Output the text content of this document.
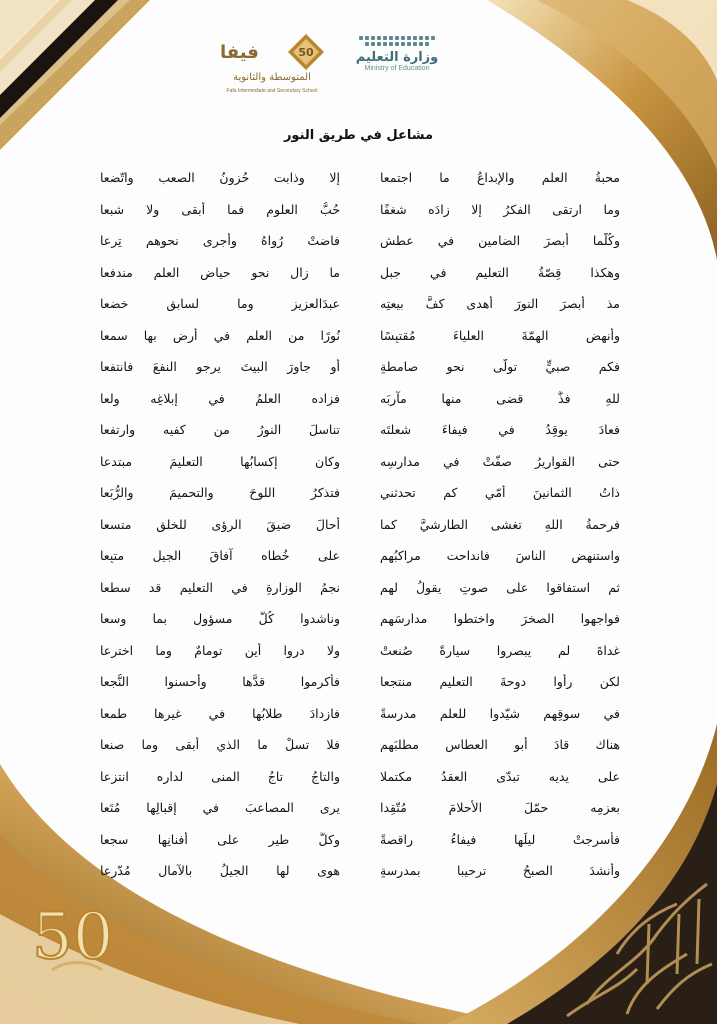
وزارة التعليم
Ministry of Education
50
فيفا
المتوسطة والثانوية
Fafa Intermediate and Secondary School
مشاعل في طريق النور
محبةُ العلمِ والإبداعُ ما اجتمعا
إلا وذابت حُزونُ الصعبِ واتّضعا
وما ارتقى الفكرُ إلا زادَه شغفًا
حُبُّ العلومِ فما أبقى ولا شبعا
وكُلّما أبصرَ الضامين في عطشٍ
فاضتْ رُواهُ وأجرى نحوهم تِرعا
وهكذا قِصّةُ التعليمِ في جبلٍ
ما زال نحو حياضِ العلمِ مندفعا
مذ أبصرَ النورَ أهدى كفَّ بيعتِه
عبدَالعزيزِ وما لسابقٍ خضعا
وأنهض الهمّةَ العلياءَ مُقتبِسًا
نُورًا من العلمِ في أرضٍ بها سمعا
فكم صبيٍّ تولّى نحو صامطةٍ
أو جاورَ البيتَ يرجو النفعَ فانتفعا
للهِ فذٌّ قضى منها مآربَه
فزاده العلمُ في إبلاغِه ولعا
فعادَ يوقِدُ في فيفاءَ شعلتَه
تناسلَ النورُ من كفيه وارتفعا
حتى القواريرُ صفّتْ في مدارسِه
وكان إكسابُها التعليمَ مبتدعا
ذاتُ الثمانينَ أمّي كم تحدثني
فتذكرُ اللوحَ والتحميمَ والرُّبَعا
فرحمةُ اللهِ تغشى الطارشيَّ كما
أحالَ ضيقَ الرؤى للخلقِ متسعا
واستنهض الناسَ فانداحت مراكبُهم
على خُطاه آفاقَ الجيلِ متبِعا
ثم استفاقوا على صوتٍ يقولُ لهم
نجمُ الوزارةِ في التعليمِ قد سطعا
فواجهوا الصخرَ واختطوا مدارسَهم
وناشدوا كُلَّ مسؤولٍ بما وسعا
غداةَ لم يبصروا سيارةً صُنعتْ
ولا دروا أين تومامٌ وما اخترعا
لكن رأوا دوحةَ التعليمِ منتجعا
فأكرموا قدَّها وأحسنوا النُّجعا
في سوقِهم شيّدوا للعلمِ مدرسةً
فازدادَ طلابُها في غيرِها طمعا
هناك قادَ أبو العطاسِ مطلبَهم
فلا تسلْ ما الذي أبقى وما صنعا
على يديه تبدّى العقدُ مكتملا
والتاجُ تاجُ المنى لداره انتزعا
بعزمِه حمّلَ الأحلامَ مُتّقِدا
يرى المصاعبَ في إقبالِها مُتَعا
فأسرجتْ ليلَها فيفاءُ راقصةً
وكلُّ طيرٍ على أفنانِها سجعا
وأنشدَ الصبحُ ترحيبا بمدرسةٍ
هوى لها الجيلُ بالآمالِ مُدّرِعا
50
